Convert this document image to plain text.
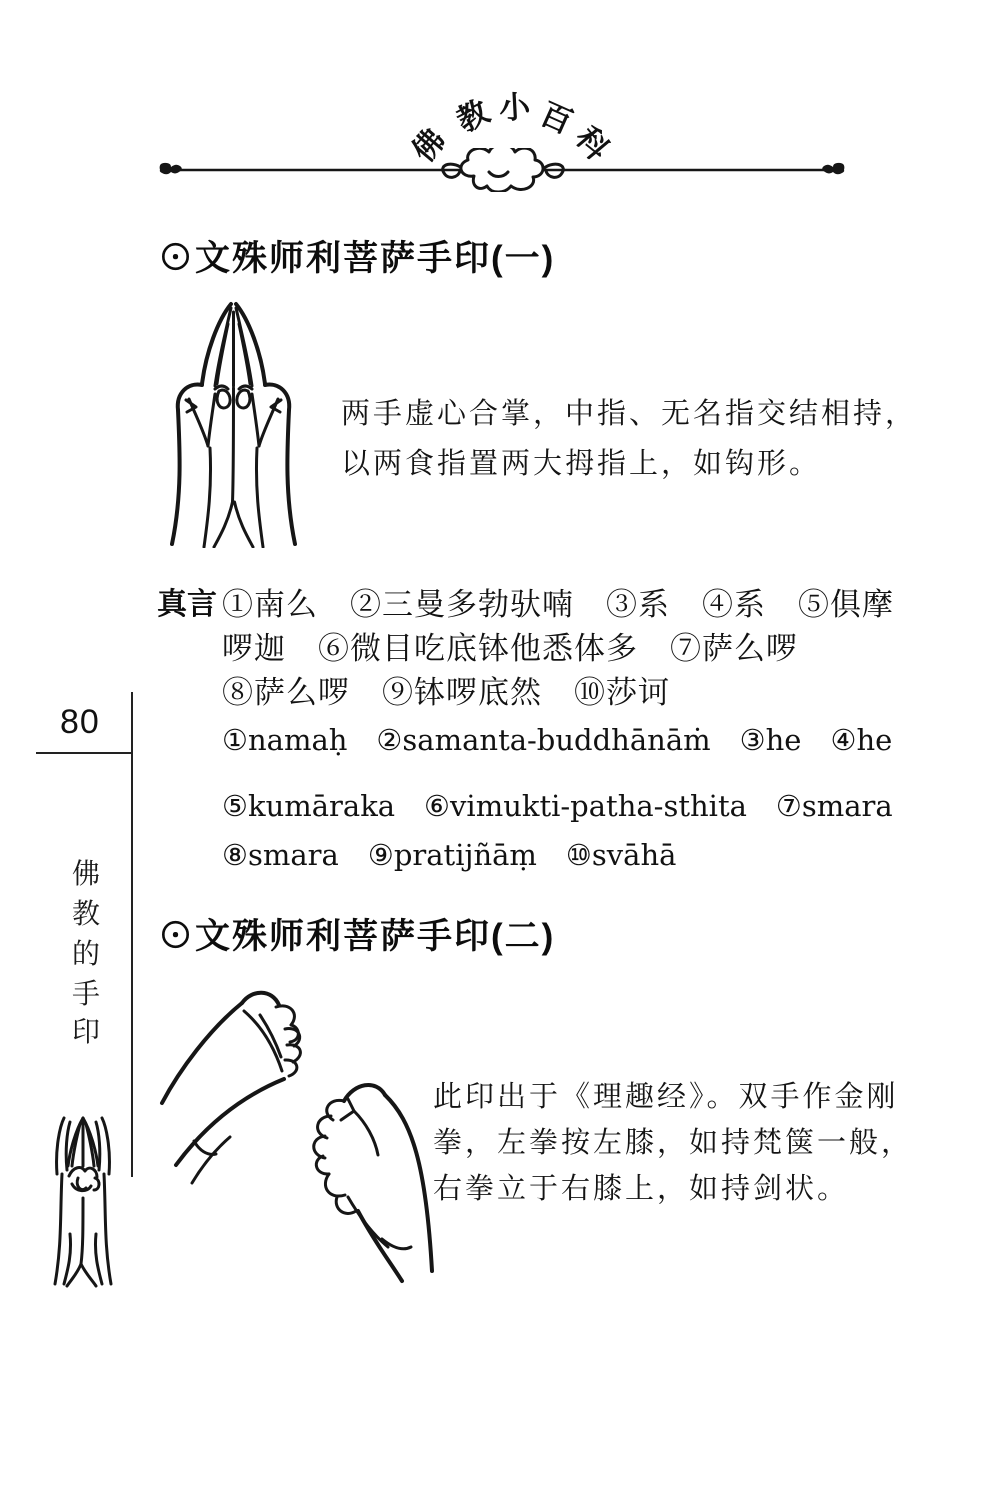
佛
教 小 百
科
⊙文殊师利菩萨手印(一)
两手虚心合掌，中指、无名指交结相持，
以两食指置两大拇指上，如钩形。
真言 ①南么　②三曼多勃驮喃　③系　④系　⑤俱摩
啰迦　⑥微目吃底钵他悉体多　⑦萨么啰
⑧萨么啰　⑨钵啰底然　⑩莎诃
①namaḥ　②samanta-buddhānāṁ　③he　④he
⑤kumāraka　⑥vimukti-patha-sthita　⑦smara
⑧smara　⑨pratijñāṃ　⑩svāhā
⊙文殊师利菩萨手印(二)
此印出于《理趣经》。双手作金刚
拳，左拳按左膝，如持梵箧一般，
右拳立于右膝上，如持剑状。
80
佛
教
的
手
印
